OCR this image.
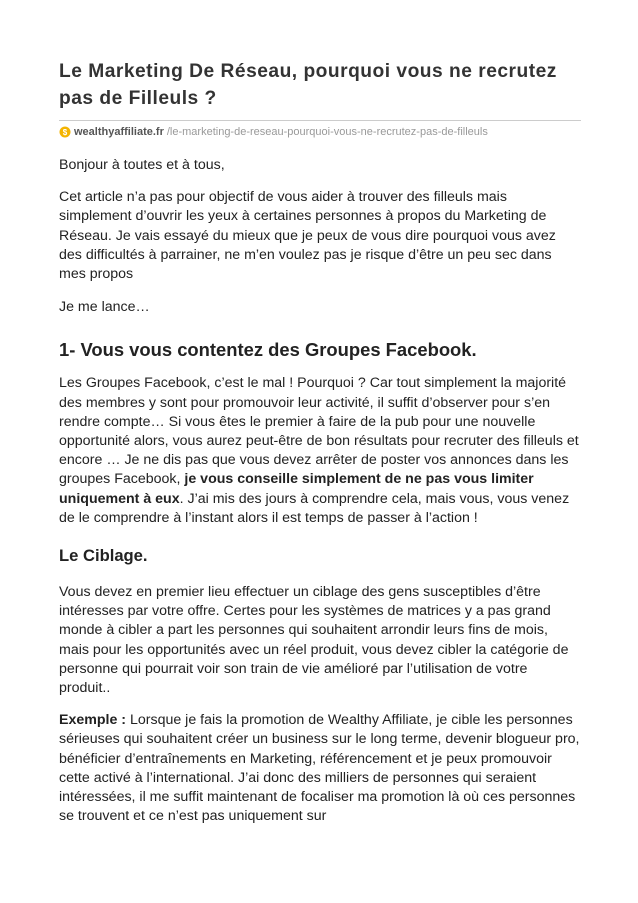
Le Marketing De Réseau, pourquoi vous ne recrutez pas de Filleuls ?
$ wealthyaffiliate.fr /le-marketing-de-reseau-pourquoi-vous-ne-recrutez-pas-de-filleuls

Bonjour à toutes et à tous,

Cet article n’a pas pour objectif de vous aider à trouver des filleuls mais simplement d’ouvrir les yeux à certaines personnes à propos du Marketing de Réseau. Je vais essayé du mieux que je peux de vous dire pourquoi vous avez des difficultés à parrainer, ne m’en voulez pas je risque d’être un peu sec dans mes propos

Je me lance…

1- Vous vous contentez des Groupes Facebook.

Les Groupes Facebook, c’est le mal ! Pourquoi ? Car tout simplement la majorité des membres y sont pour promouvoir leur activité, il suffit d’observer pour s’en rendre compte… Si vous êtes le premier à faire de la pub pour une nouvelle opportunité alors, vous aurez peut-être de bon résultats pour recruter des filleuls et encore … Je ne dis pas que vous devez arrêter de poster vos annonces dans les groupes Facebook, je vous conseille simplement de ne pas vous limiter uniquement à eux. J’ai mis des jours à comprendre cela, mais vous, vous venez de le comprendre à l’instant alors il est temps de passer à l’action !

Le Ciblage.

Vous devez en premier lieu effectuer un ciblage des gens susceptibles d’être intéresses par votre offre. Certes pour les systèmes de matrices y a pas grand monde à cibler a part les personnes qui souhaitent arrondir leurs fins de mois, mais pour les opportunités avec un réel produit, vous devez cibler la catégorie de personne qui pourrait voir son train de vie amélioré par l’utilisation de votre produit..

Exemple : Lorsque je fais la promotion de Wealthy Affiliate, je cible les personnes sérieuses qui souhaitent créer un business sur le long terme, devenir blogueur pro, bénéficier d’entraînements en Marketing, référencement et je peux promouvoir cette activé à l’international. J’ai donc des milliers de personnes qui seraient intéressées, il me suffit maintenant de focaliser ma promotion là où ces personnes se trouvent et ce n’est pas uniquement sur
